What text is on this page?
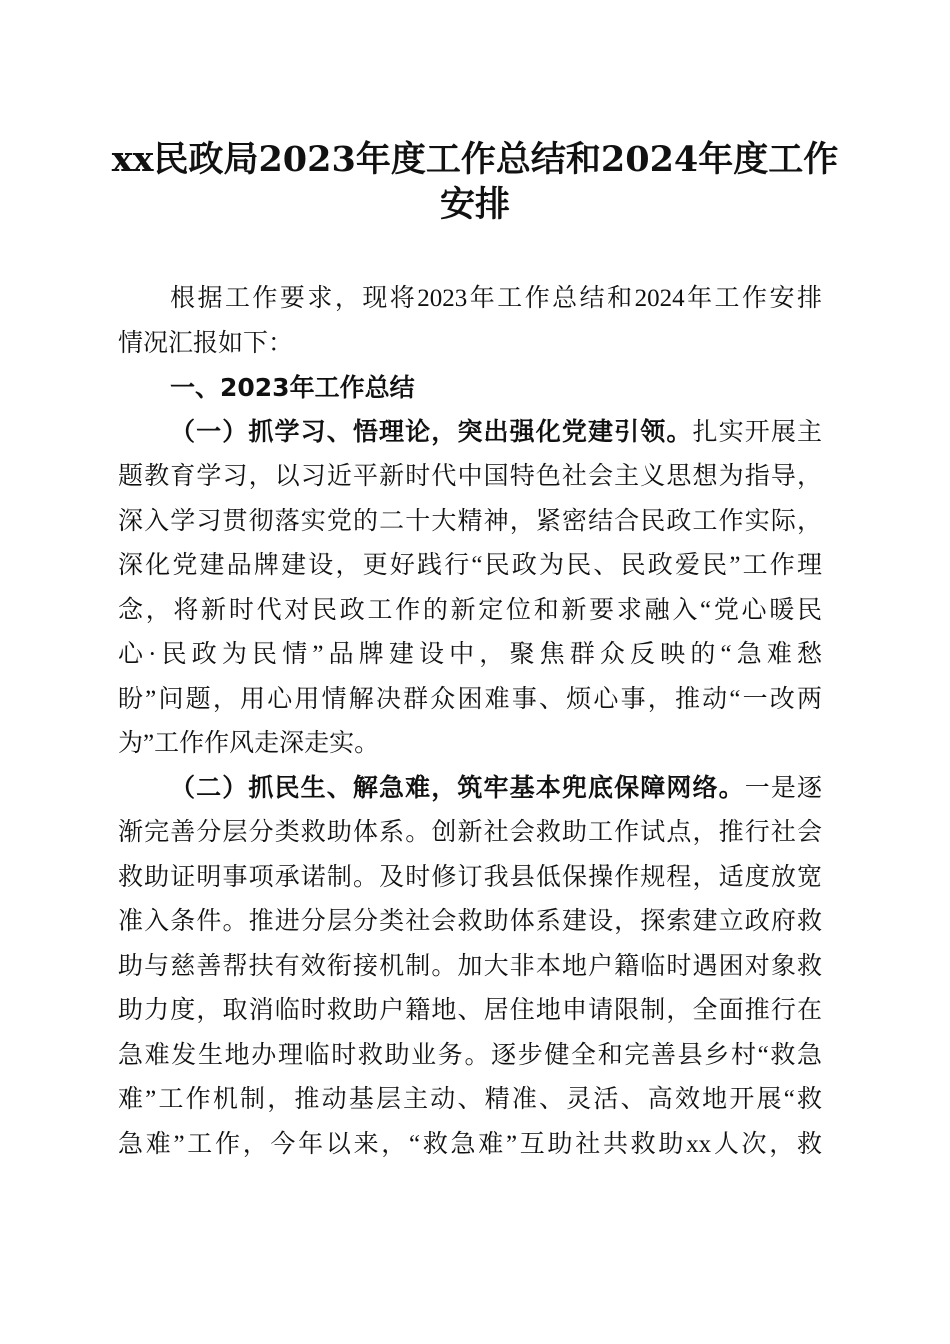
xx民政局2023年度工作总结和2024年度工作
安排
根据工作要求，现将2023年工作总结和2024年工作安排
情况汇报如下：
一、2023年工作总结
（一）抓学习、悟理论，突出强化党建引领。扎实开展主
题教育学习，以习近平新时代中国特色社会主义思想为指导，
深入学习贯彻落实党的二十大精神，紧密结合民政工作实际，
深化党建品牌建设，更好践行“民政为民、民政爱民”工作理
念，将新时代对民政工作的新定位和新要求融入“党心暖民
心·民政为民情”品牌建设中，聚焦群众反映的“急难愁
盼”问题，用心用情解决群众困难事、烦心事，推动“一改两
为”工作作风走深走实。
（二）抓民生、解急难，筑牢基本兜底保障网络。一是逐
渐完善分层分类救助体系。创新社会救助工作试点，推行社会
救助证明事项承诺制。及时修订我县低保操作规程，适度放宽
准入条件。推进分层分类社会救助体系建设，探索建立政府救
助与慈善帮扶有效衔接机制。加大非本地户籍临时遇困对象救
助力度，取消临时救助户籍地、居住地申请限制，全面推行在
急难发生地办理临时救助业务。逐步健全和完善县乡村“救急
难”工作机制，推动基层主动、精准、灵活、高效地开展“救
急难”工作，今年以来，“救急难”互助社共救助xx人次，救
